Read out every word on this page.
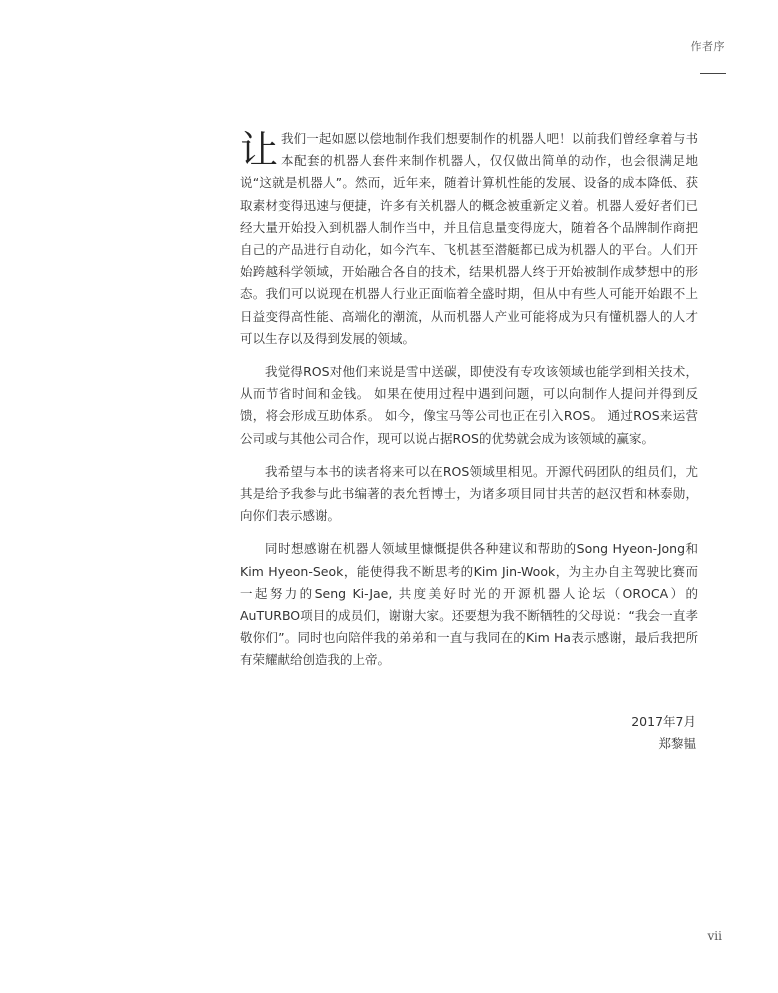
作者序

让我们一起如愿以偿地制作我们想要制作的机器人吧！以前我们曾经拿着与书本配套的机器人套件来制作机器人，仅仅做出简单的动作，也会很满足地说“这就是机器人”。然而，近年来，随着计算机性能的发展、设备的成本降低、获取素材变得迅速与便捷，许多有关机器人的概念被重新定义着。机器人爱好者们已经大量开始投入到机器人制作当中，并且信息量变得庞大，随着各个品牌制作商把自己的产品进行自动化，如今汽车、飞机甚至潜艇都已成为机器人的平台。人们开始跨越科学领域，开始融合各自的技术，结果机器人终于开始被制作成梦想中的形态。我们可以说现在机器人行业正面临着全盛时期，但从中有些人可能开始跟不上日益变得高性能、高端化的潮流，从而机器人产业可能将成为只有懂机器人的人才可以生存以及得到发展的领域。

我觉得ROS对他们来说是雪中送碳，即使没有专攻该领域也能学到相关技术，从而节省时间和金钱。 如果在使用过程中遇到问题，可以向制作人提问并得到反馈，将会形成互助体系。 如今，像宝马等公司也正在引入ROS。 通过ROS来运营公司或与其他公司合作，现可以说占据ROS的优势就会成为该领域的赢家。

我希望与本书的读者将来可以在ROS领域里相见。开源代码团队的组员们，尤其是给予我参与此书编著的表允哲博士，为诸多项目同甘共苦的赵汉哲和林泰勋，向你们表示感谢。

同时想感谢在机器人领域里慷慨提供各种建议和帮助的Song Hyeon-Jong和Kim Hyeon-Seok，能使得我不断思考的Kim Jin-Wook，为主办自主驾驶比赛而一起努力的Seng Ki-Jae, 共度美好时光的开源机器人论坛（OROCA）的AuTURBO项目的成员们，谢谢大家。还要想为我不断牺牲的父母说：“我会一直孝敬你们”。同时也向陪伴我的弟弟和一直与我同在的Kim Ha表示感谢，最后我把所有荣耀献给创造我的上帝。

2017年7月
郑黎韫
vii
